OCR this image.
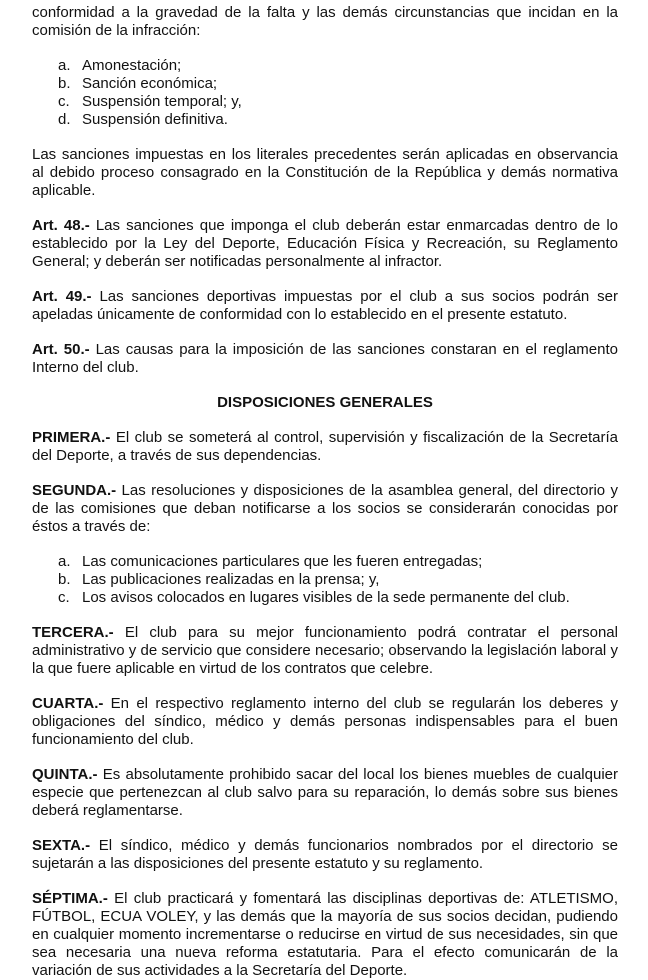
conformidad a la gravedad de la falta y las demás circunstancias que incidan en la comisión de la infracción:

a. Amonestación;
b. Sanción económica;
c. Suspensión temporal; y,
d. Suspensión definitiva.

Las sanciones impuestas en los literales precedentes serán aplicadas en observancia al debido proceso consagrado en la Constitución de la República y demás normativa aplicable.

Art. 48.- Las sanciones que imponga el club deberán estar enmarcadas dentro de lo establecido por la Ley del Deporte, Educación Física y Recreación, su Reglamento General; y deberán ser notificadas personalmente al infractor.

Art. 49.- Las sanciones deportivas impuestas por el club a sus socios podrán ser apeladas únicamente de conformidad con lo establecido en el presente estatuto.

Art. 50.- Las causas para la imposición de las sanciones constaran en el reglamento Interno del club.

DISPOSICIONES GENERALES

PRIMERA.- El club se someterá al control, supervisión y fiscalización de la Secretaría del Deporte, a través de sus dependencias.

SEGUNDA.- Las resoluciones y disposiciones de la asamblea general, del directorio y de las comisiones que deban notificarse a los socios se considerarán conocidas por éstos a través de:

a. Las comunicaciones particulares que les fueren entregadas;
b. Las publicaciones realizadas en la prensa; y,
c. Los avisos colocados en lugares visibles de la sede permanente del club.

TERCERA.- El club para su mejor funcionamiento podrá contratar el personal administrativo y de servicio que considere necesario; observando la legislación laboral y la que fuere aplicable en virtud de los contratos que celebre.

CUARTA.- En el respectivo reglamento interno del club se regularán los deberes y obligaciones del síndico, médico y demás personas indispensables para el buen funcionamiento del club.

QUINTA.- Es absolutamente prohibido sacar del local los bienes muebles de cualquier especie que pertenezcan al club salvo para su reparación, lo demás sobre sus bienes deberá reglamentarse.

SEXTA.- El síndico, médico y demás funcionarios nombrados por el directorio se sujetarán a las disposiciones del presente estatuto y su reglamento.

SÉPTIMA.- El club practicará y fomentará las disciplinas deportivas de: ATLETISMO, FÚTBOL, ECUA VOLEY, y las demás que la mayoría de sus socios decidan, pudiendo en cualquier momento incrementarse o reducirse en virtud de sus necesidades, sin que sea necesaria una nueva reforma estatutaria. Para el efecto comunicarán de la variación de sus actividades a la Secretaría del Deporte.
